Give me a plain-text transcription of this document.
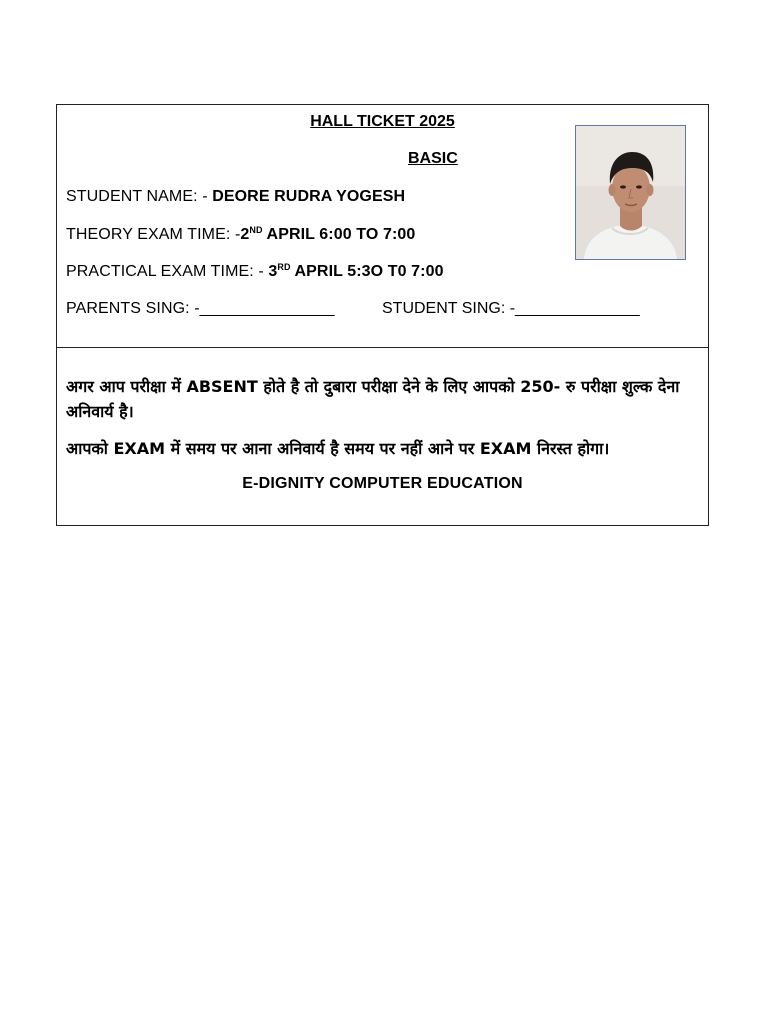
HALL TICKET 2025
BASIC
STUDENT NAME: - DEORE RUDRA YOGESH
THEORY EXAM TIME: -2ND APRIL 6:00 TO 7:00
PRACTICAL EXAM TIME: - 3RD APRIL 5:3O T0 7:00
PARENTS SING: -_______________	STUDENT SING: -______________
अगर आप परीक्षा में ABSENT होते है तो दुबारा परीक्षा देने के लिए आपको 250- रु परीक्षा शुल्क देना अनिवार्य है।
आपको EXAM में समय पर आना अनिवार्य है समय पर नहीं आने पर EXAM निरस्त होगा।
E-DIGNITY COMPUTER EDUCATION
